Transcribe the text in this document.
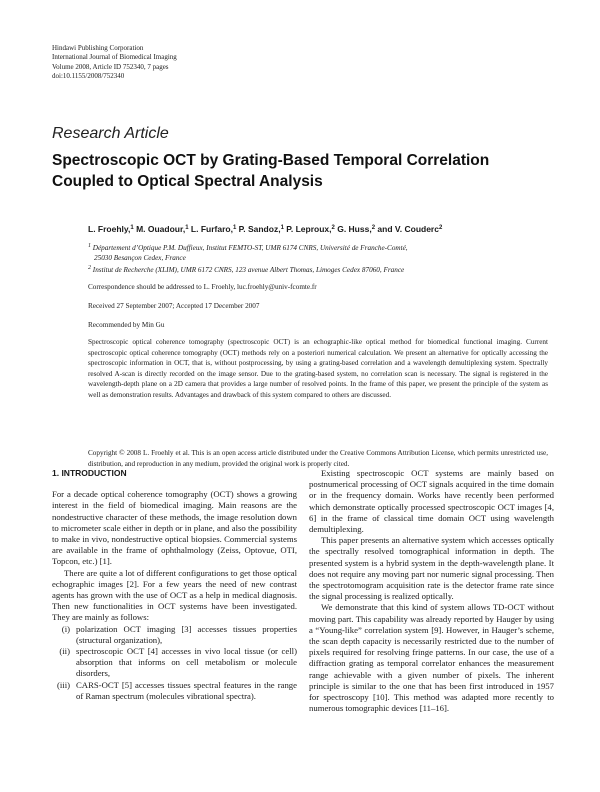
Hindawi Publishing Corporation
International Journal of Biomedical Imaging
Volume 2008, Article ID 752340, 7 pages
doi:10.1155/2008/752340
Research Article
Spectroscopic OCT by Grating-Based Temporal Correlation
Coupled to Optical Spectral Analysis
L. Froehly,$^1$ M. Ouadour,$^1$ L. Furfaro,$^1$ P. Sandoz,$^1$ P. Leproux,$^2$ G. Huss,$^2$ and V. Couderc$^2$
$^1$ Département d’Optique P.M. Duffieux, Institut FEMTO-ST, UMR 6174 CNRS, Université de Franche-Comté,
25030 Besançon Cedex, France
$^2$ Institut de Recherche (XLIM), UMR 6172 CNRS, 123 avenue Albert Thomas, Limoges Cedex 87060, France
Correspondence should be addressed to L. Froehly, luc.froehly@univ-fcomte.fr
Received 27 September 2007; Accepted 17 December 2007
Recommended by Min Gu
Spectroscopic optical coherence tomography (spectroscopic OCT) is an echographic-like optical method for biomedical functional imaging. Current spectroscopic optical coherence tomography (OCT) methods rely on a posteriori numerical calculation. We present an alternative for optically accessing the spectroscopic information in OCT, that is, without postprocessing, by using a grating-based correlation and a wavelength demultiplexing system. Spectrally resolved A-scan is directly recorded on the image sensor. Due to the grating-based system, no correlation scan is necessary. The signal is registered in the wavelength-depth plane on a 2D camera that provides a large number of resolved points. In the frame of this paper, we present the principle of the system as well as demonstration results. Advantages and drawback of this system compared to others are discussed.
Copyright © 2008 L. Froehly et al. This is an open access article distributed under the Creative Commons Attribution License, which permits unrestricted use, distribution, and reproduction in any medium, provided the original work is properly cited.

1. INTRODUCTION

For a decade optical coherence tomography (OCT) shows a growing interest in the field of biomedical imaging. Main reasons are the nondestructive character of these methods, the image resolution down to micrometer scale either in depth or in plane, and also the possibility to make in vivo, nondestructive optical biopsies. Commercial systems are available in the frame of ophthalmology (Zeiss, Optovue, OTI, Topcon, etc.) [1].

There are quite a lot of different configurations to get those optical echographic images [2]. For a few years the need of new contrast agents has grown with the use of OCT as a help in medical diagnosis. Then new functionalities in OCT systems have been investigated. They are mainly as follows:

(i) polarization OCT imaging [3] accesses tissues properties (structural organization),
(ii) spectroscopic OCT [4] accesses in vivo local tissue (or cell) absorption that informs on cell metabolism or molecule disorders,
(iii) CARS-OCT [5] accesses tissues spectral features in the range of Raman spectrum (molecules vibrational spectra).

Existing spectroscopic OCT systems are mainly based on postnumerical processing of OCT signals acquired in the time domain or in the frequency domain. Works have recently been performed which demonstrate optically processed spectroscopic OCT images [4, 6] in the frame of classical time domain OCT using wavelength demultiplexing.

This paper presents an alternative system which accesses optically the spectrally resolved tomographical information in depth. The presented system is a hybrid system in the depth-wavelength plane. It does not require any moving part nor numeric signal processing. Then the spectrotomogram acquisition rate is the detector frame rate since the signal processing is realized optically.

We demonstrate that this kind of system allows TD-OCT without moving part. This capability was already reported by Hauger by using a “Young-like” correlation system [9]. However, in Hauger’s scheme, the scan depth capacity is necessarily restricted due to the number of pixels required for resolving fringe patterns. In our case, the use of a diffraction grating as temporal correlator enhances the measurement range achievable with a given number of pixels. The inherent principle is similar to the one that has been first introduced in 1957 for spectroscopy [10]. This method was adapted more recently to numerous tomographic devices [11–16].
